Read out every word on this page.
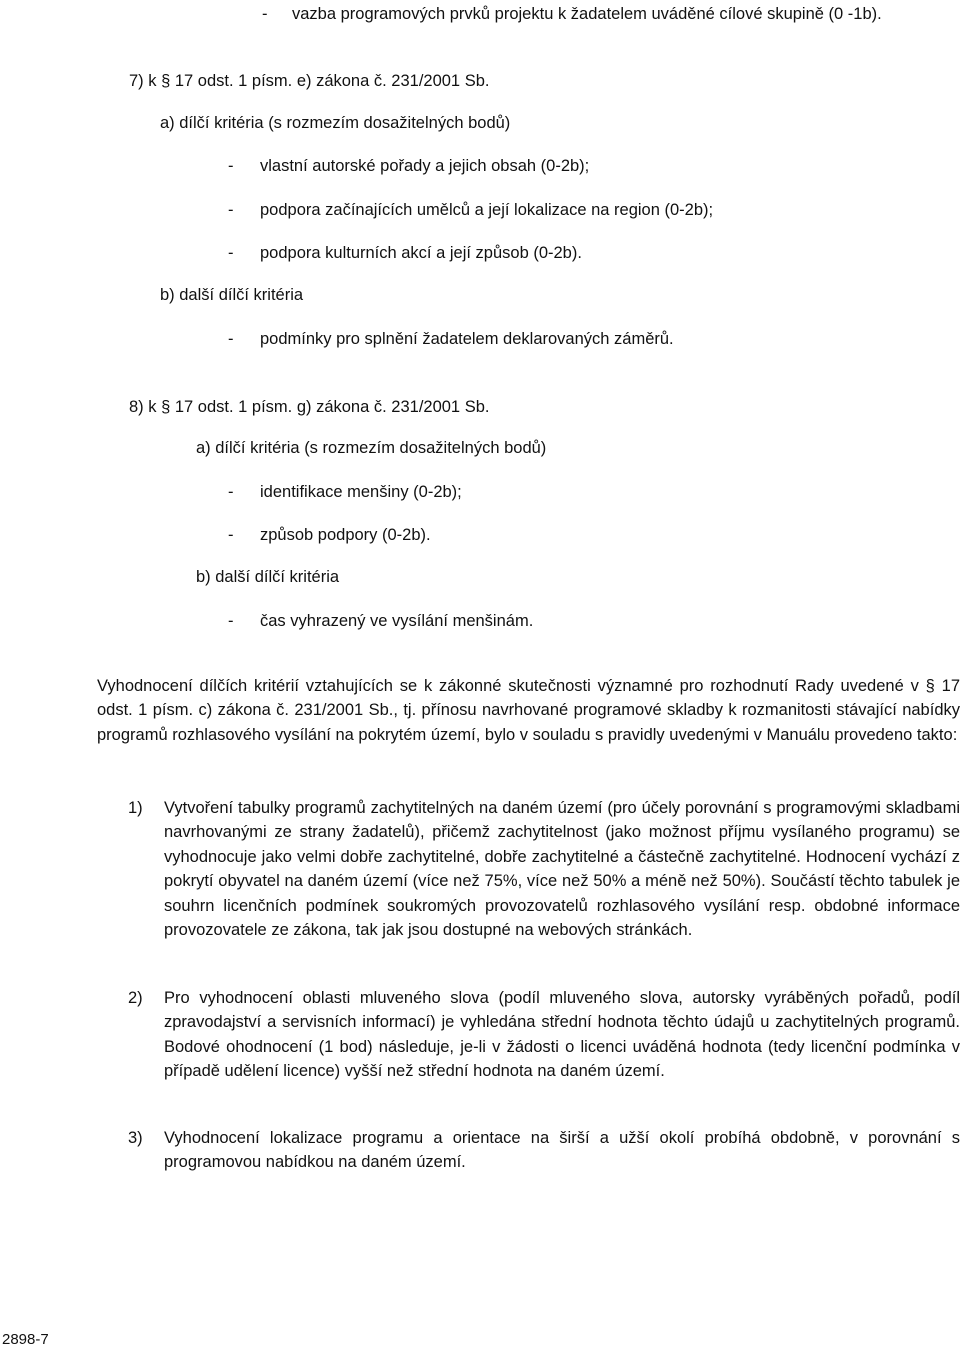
- vazba programových prvků projektu k žadatelem uváděné cílové skupině (0 -1b).
7) k § 17 odst. 1 písm. e) zákona č. 231/2001 Sb.
a) dílčí kritéria (s rozmezím dosažitelných bodů)
-	vlastní autorské pořady a jejich obsah (0-2b);
-	podpora začínajících umělců a její lokalizace na region (0-2b);
-	podpora kulturních akcí a její způsob (0-2b).
b) další dílčí kritéria
-	podmínky pro splnění žadatelem deklarovaných záměrů.
8) k § 17 odst. 1 písm. g) zákona č. 231/2001 Sb.
a) dílčí kritéria (s rozmezím dosažitelných bodů)
-	identifikace menšiny (0-2b);
-	způsob podpory (0-2b).
b) další dílčí kritéria
-	čas vyhrazený ve vysílání menšinám.
Vyhodnocení dílčích kritérií vztahujících se k zákonné skutečnosti významné pro rozhodnutí Rady uvedené v § 17 odst. 1 písm. c) zákona č. 231/2001 Sb., tj. přínosu navrhované programové skladby k rozmanitosti stávající nabídky programů rozhlasového vysílání na pokrytém území, bylo v souladu s pravidly uvedenými v Manuálu provedeno takto:
1) Vytvoření tabulky programů zachytitelných na daném území (pro účely porovnání s programovými skladbami navrhovanými ze strany žadatelů), přičemž zachytitelnost (jako možnost příjmu vysílaného programu) se vyhodnocuje jako velmi dobře zachytitelné, dobře zachytitelné a částečně zachytitelné. Hodnocení vychází z pokrytí obyvatel na daném území (více než 75%, více než 50% a méně než 50%). Součástí těchto tabulek je souhrn licenčních podmínek soukromých provozovatelů rozhlasového vysílání resp. obdobné informace provozovatele ze zákona, tak jak jsou dostupné na webových stránkách.
2) Pro vyhodnocení oblasti mluveného slova (podíl mluveného slova, autorsky vyráběných pořadů, podíl zpravodajství a servisních informací) je vyhledána střední hodnota těchto údajů u zachytitelných programů. Bodové ohodnocení (1 bod) následuje, je-li v žádosti o licenci uváděná hodnota (tedy licenční podmínka v případě udělení licence) vyšší než střední hodnota na daném území.
3) Vyhodnocení lokalizace programu a orientace na širší a užší okolí probíhá obdobně, v porovnání s programovou nabídkou na daném území.
2898-7
